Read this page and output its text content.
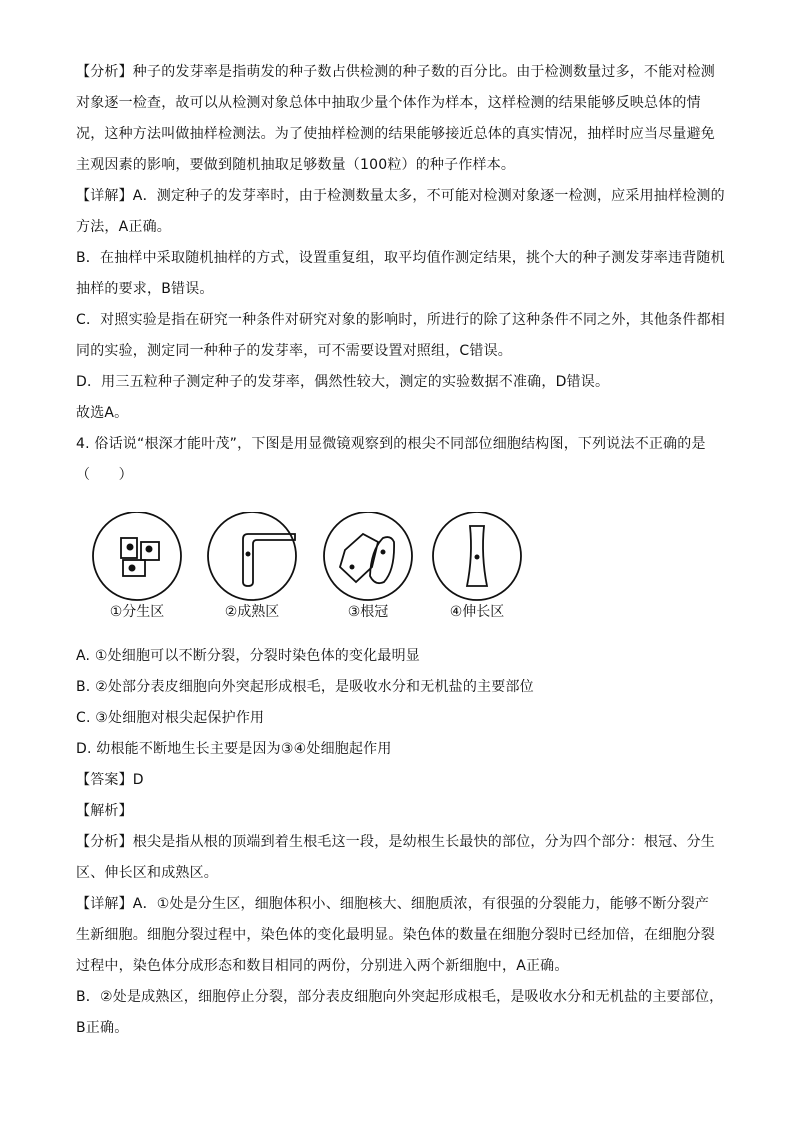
【分析】种子的发芽率是指萌发的种子数占供检测的种子数的百分比。由于检测数量过多，不能对检测
对象逐一检查，故可以从检测对象总体中抽取少量个体作为样本，这样检测的结果能够反映总体的情
况，这种方法叫做抽样检测法。为了使抽样检测的结果能够接近总体的真实情况，抽样时应当尽量避免
主观因素的影响，要做到随机抽取足够数量（100粒）的种子作样本。
【详解】A．测定种子的发芽率时，由于检测数量太多，不可能对检测对象逐一检测，应采用抽样检测的
方法，A正确。
B．在抽样中采取随机抽样的方式，设置重复组，取平均值作测定结果，挑个大的种子测发芽率违背随机
抽样的要求，B错误。
C．对照实验是指在研究一种条件对研究对象的影响时，所进行的除了这种条件不同之外，其他条件都相
同的实验，测定同一种种子的发芽率，可不需要设置对照组，C错误。
D．用三五粒种子测定种子的发芽率，偶然性较大，测定的实验数据不准确，D错误。
故选A。
4. 俗话说“根深才能叶茂”，下图是用显微镜观察到的根尖不同部位细胞结构图，下列说法不正确的是
（　　）
①分生区	②成熟区	③根冠	④伸长区
A. ①处细胞可以不断分裂，分裂时染色体的变化最明显
B. ②处部分表皮细胞向外突起形成根毛，是吸收水分和无机盐的主要部位
C. ③处细胞对根尖起保护作用
D. 幼根能不断地生长主要是因为③④处细胞起作用
【答案】D
【解析】
【分析】根尖是指从根的顶端到着生根毛这一段，是幼根生长最快的部位，分为四个部分：根冠、分生
区、伸长区和成熟区。
【详解】A．①处是分生区，细胞体积小、细胞核大、细胞质浓，有很强的分裂能力，能够不断分裂产
生新细胞。细胞分裂过程中，染色体的变化最明显。染色体的数量在细胞分裂时已经加倍，在细胞分裂
过程中，染色体分成形态和数目相同的两份，分别进入两个新细胞中，A正确。
B．②处是成熟区，细胞停止分裂，部分表皮细胞向外突起形成根毛，是吸收水分和无机盐的主要部位，
B正确。
